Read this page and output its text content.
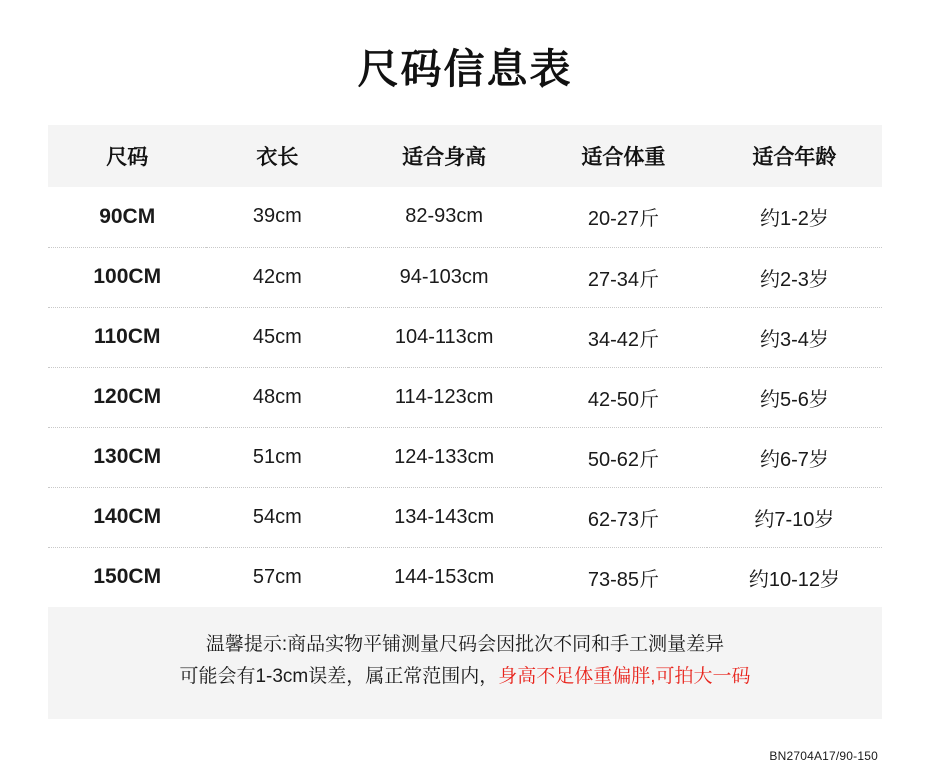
尺码信息表
尺码	衣长	适合身高	适合体重	适合年龄
90CM	39cm	82-93cm	20-27斤	约1-2岁
100CM	42cm	94-103cm	27-34斤	约2-3岁
110CM	45cm	104-113cm	34-42斤	约3-4岁
120CM	48cm	114-123cm	42-50斤	约5-6岁
130CM	51cm	124-133cm	50-62斤	约6-7岁
140CM	54cm	134-143cm	62-73斤	约7-10岁
150CM	57cm	144-153cm	73-85斤	约10-12岁
温馨提示:商品实物平铺测量尺码会因批次不同和手工测量差异
可能会有1-3cm误差，属正常范围内，身高不足体重偏胖,可拍大一码
BN2704A17/90-150
